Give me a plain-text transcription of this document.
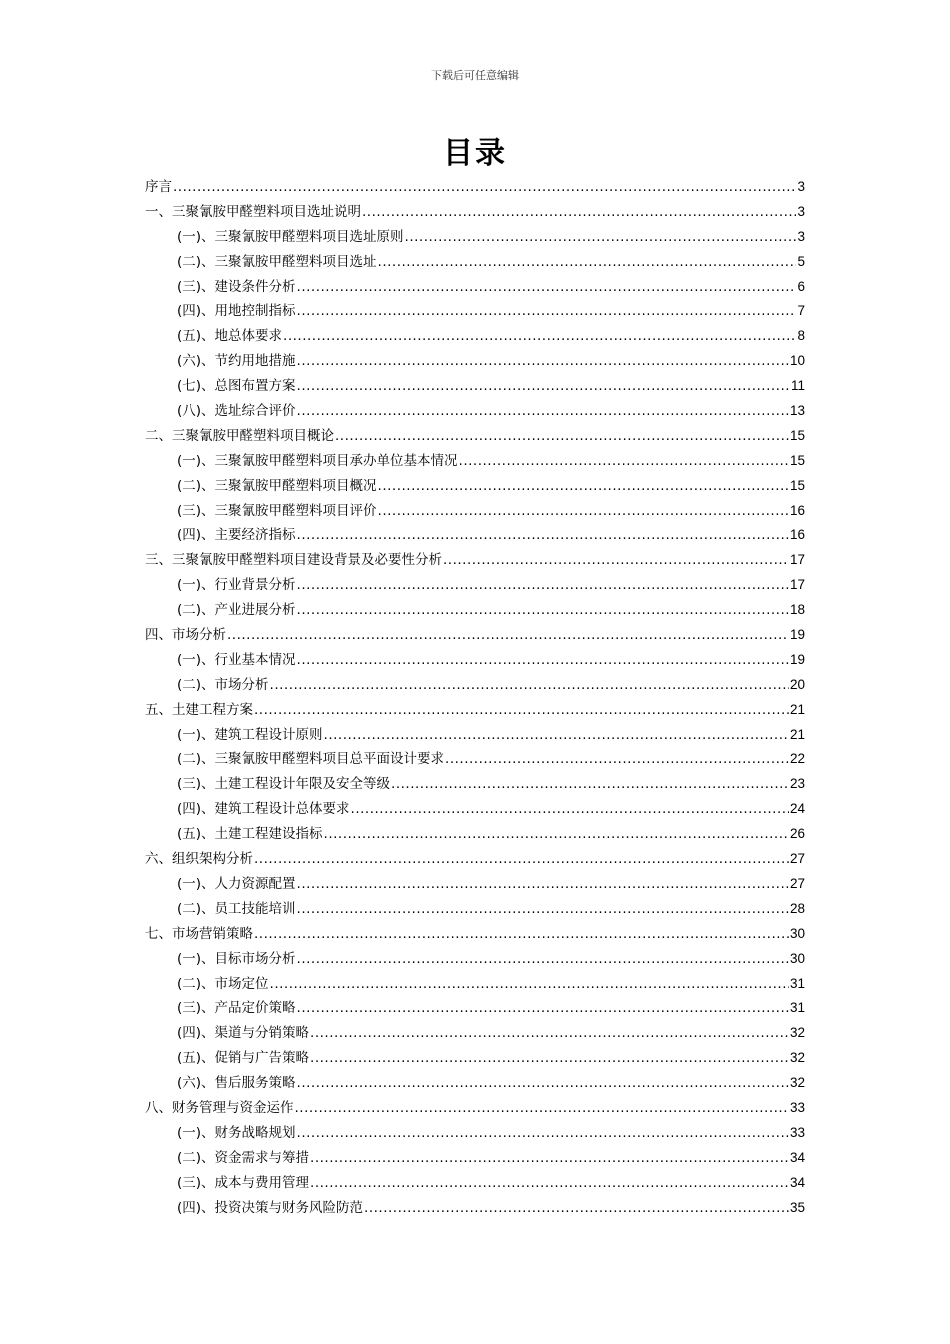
下载后可任意编辑
目录
序言 .....	3
一、三聚氰胺甲醛塑料项目选址说明 .....	3
(一)、三聚氰胺甲醛塑料项目选址原则 .....	3
(二)、三聚氰胺甲醛塑料项目选址 .....	5
(三)、建设条件分析 .....	6
(四)、用地控制指标 .....	7
(五)、地总体要求 .....	8
(六)、节约用地措施 .....	10
(七)、总图布置方案 .....	11
(八)、选址综合评价 .....	13
二、三聚氰胺甲醛塑料项目概论 .....	15
(一)、三聚氰胺甲醛塑料项目承办单位基本情况 .....	15
(二)、三聚氰胺甲醛塑料项目概况 .....	15
(三)、三聚氰胺甲醛塑料项目评价 .....	16
(四)、主要经济指标 .....	16
三、三聚氰胺甲醛塑料项目建设背景及必要性分析 .....	17
(一)、行业背景分析 .....	17
(二)、产业进展分析 .....	18
四、市场分析 .....	19
(一)、行业基本情况 .....	19
(二)、市场分析 .....	20
五、土建工程方案 .....	21
(一)、建筑工程设计原则 .....	21
(二)、三聚氰胺甲醛塑料项目总平面设计要求 .....	22
(三)、土建工程设计年限及安全等级 .....	23
(四)、建筑工程设计总体要求 .....	24
(五)、土建工程建设指标 .....	26
六、组织架构分析 .....	27
(一)、人力资源配置 .....	27
(二)、员工技能培训 .....	28
七、市场营销策略 .....	30
(一)、目标市场分析 .....	30
(二)、市场定位 .....	31
(三)、产品定价策略 .....	31
(四)、渠道与分销策略 .....	32
(五)、促销与广告策略 .....	32
(六)、售后服务策略 .....	32
八、财务管理与资金运作 .....	33
(一)、财务战略规划 .....	33
(二)、资金需求与筹措 .....	34
(三)、成本与费用管理 .....	34
(四)、投资决策与财务风险防范 .....	35
